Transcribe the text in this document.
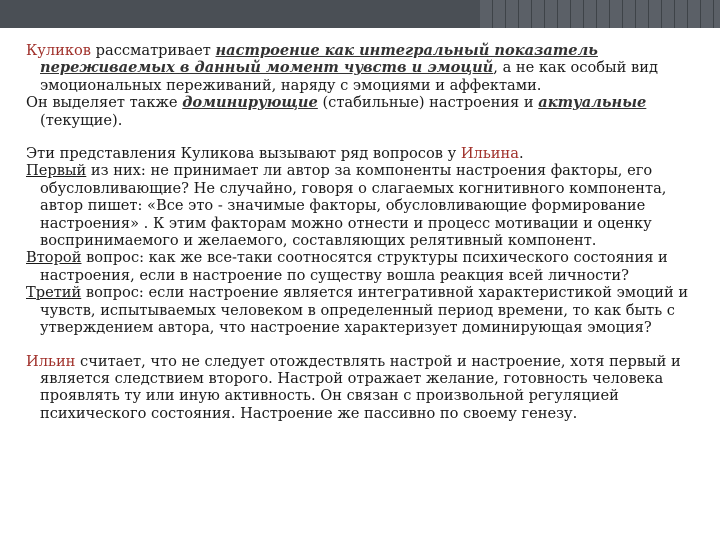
Куликов рассматривает настроение как интегральный показатель переживаемых в данный момент чувств и эмоций, а не как особый вид эмоциональных переживаний, наряду с эмоциями и аффектами.

Он выделяет также доминирующие (стабильные) настроения и актуальные (текущие).

Эти представления Куликова вызывают ряд вопросов у Ильина.

Первый из них: не принимает ли автор за компоненты настроения факторы, его обусловливающие? Не случайно, говоря о слагаемых когнитивного компонента, автор пишет: «Все это - значимые факторы, обусловливающие формирование настроения» . К этим факторам можно отнести и процесс мотивации и оценку воспринимаемого и желаемого, составляющих релятивный компонент.

Второй вопрос: как же все-таки соотносятся структуры психического состояния и настроения, если в настроение по существу вошла реакция всей личности?

Третий вопрос: если настроение является интегративной характеристикой эмоций и чувств, испытываемых человеком в определенный период времени, то как быть с утверждением автора, что настроение характеризует доминирующая эмоция?

Ильин считает, что не следует отождествлять настрой и настроение, хотя первый и является следствием второго. Настрой отражает желание, готовность человека проявлять ту или иную активность. Он связан с произвольной регуляцией психического состояния. Настроение же пассивно по своему генезу.
